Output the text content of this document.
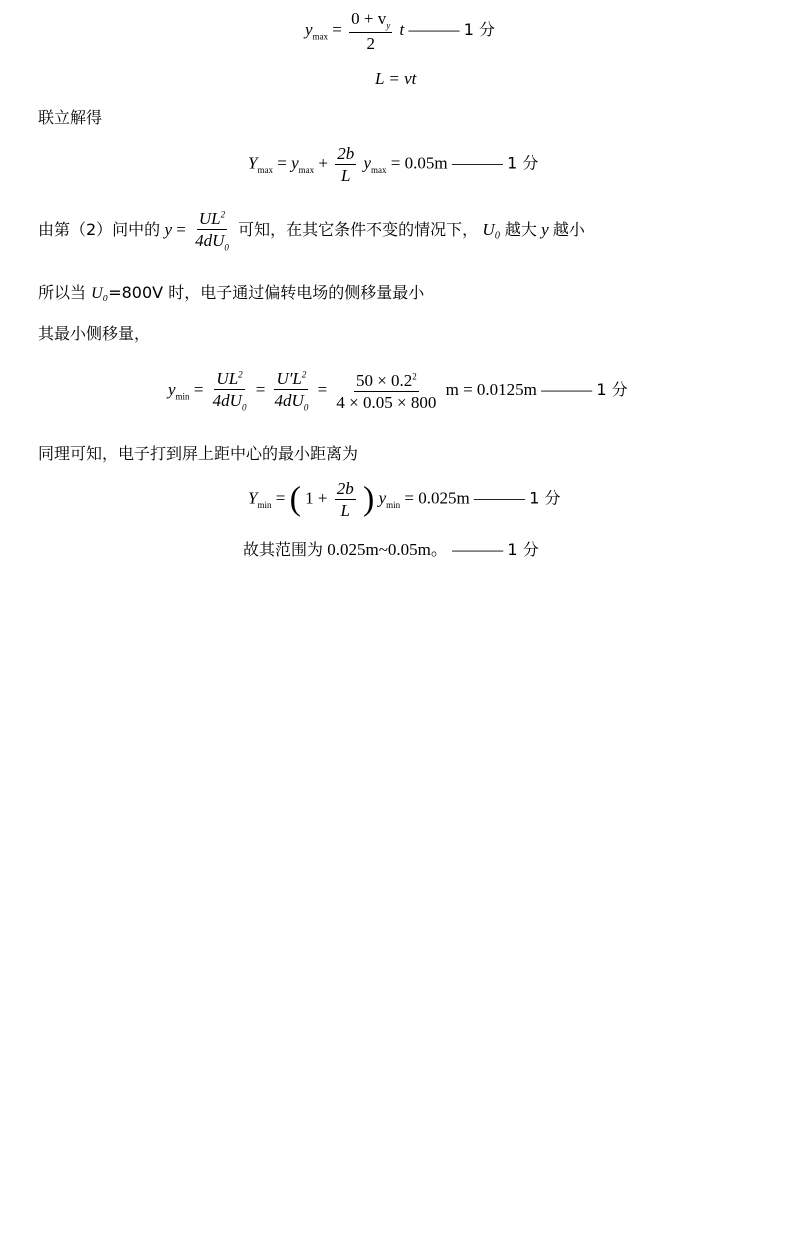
$y_{max} = \frac{0 + v_y}{2}$ t ——— 1 分
L = vt
联立解得
$Y_{max} = y_{max} + \frac{2b}{L} y_{max} = 0.05m$ ——— 1 分
由第（2）问中的 $y = \frac{UL^2}{4dU_0}$ 可知，在其它条件不变的情况下， U₀ 越大 y 越小
所以当 U₀=800V 时，电子通过偏转电场的侧移量最小
其最小侧移量，
$y_{min} = \frac{UL^2}{4dU_0} = \frac{U'L^2}{4dU_0} = \frac{50 \times 0.2^2}{4 \times 0.05 \times 800}$ m = 0.0125m ——— 1 分
同理可知，电子打到屏上距中心的最小距离为
$Y_{min}$ = ( $1 + \frac{2b}{L}$ ) $y_{min} = 0.025m$ ——— 1 分
故其范围为 0.025m~0.05m。 ——— 1 分
